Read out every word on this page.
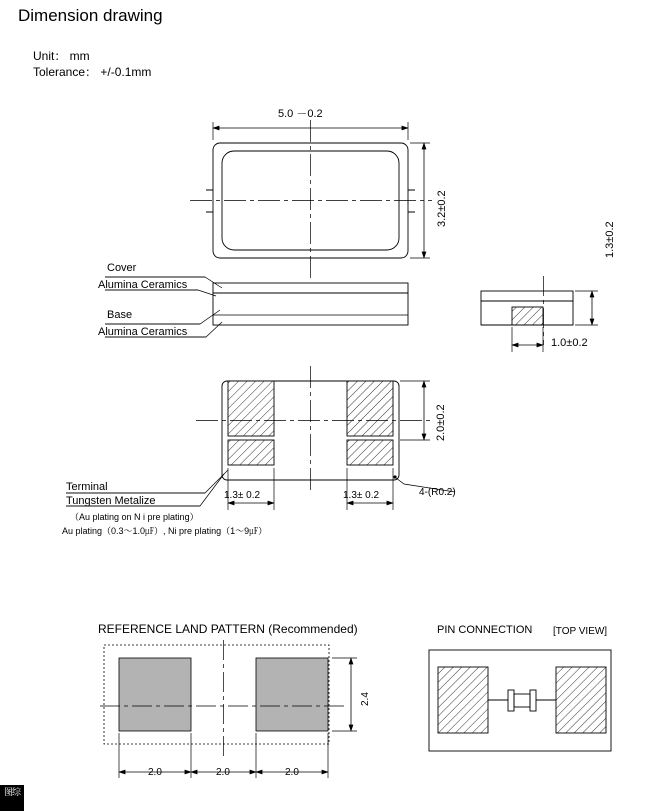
Dimension drawing
Unit： mm
Tolerance： +/-0.1mm
5.0 －0.2
3.2±0.2
Cover
Alumina Ceramics
Base
Alumina Ceramics
1.3±0.2
1.0±0.2
2.0±0.2
1.3± 0.2	1.3± 0.2	4-(R0.2)
Terminal
Tungsten Metalize
（Au plating on N i pre plating）
Au plating（0.3～1.0㎌）, Ni pre plating（1～9㎌）
REFERENCE LAND PATTERN (Recommended)
2.4
2.0	2.0	2.0
PIN CONNECTION [TOP VIEW]
图综
